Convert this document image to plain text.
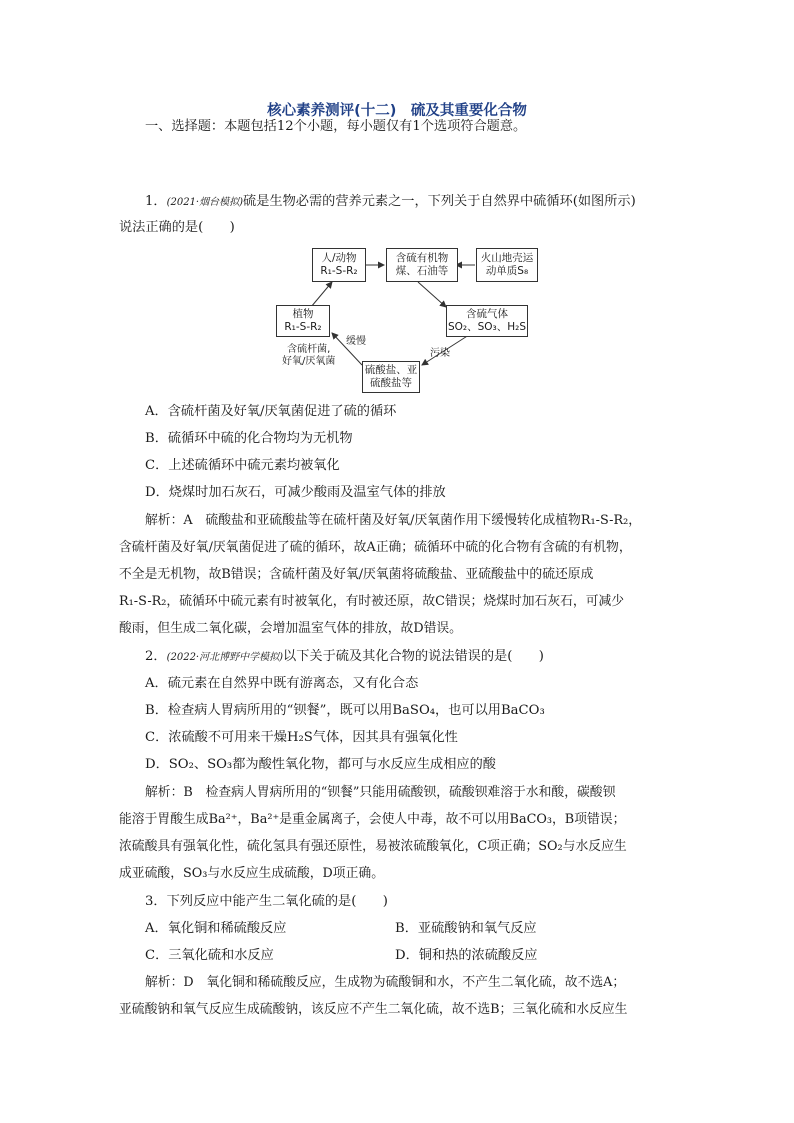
核心素养测评(十二)　硫及其重要化合物
一、选择题：本题包括12个小题，每小题仅有1个选项符合题意。
1．(2021·烟台模拟)硫是生物必需的营养元素之一，下列关于自然界中硫循环(如图所示)
说法正确的是(　　)
人/动物
R₁-S-R₂
含硫有机物
煤、石油等
火山地壳运
动单质S₈
植物
R₁-S-R₂
含硫气体
SO₂、SO₃、H₂S
硫酸盐、亚
硫酸盐等
缓慢
含硫杆菌,
好氧/厌氧菌
污染
A．含硫杆菌及好氧/厌氧菌促进了硫的循环
B．硫循环中硫的化合物均为无机物
C．上述硫循环中硫元素均被氧化
D．烧煤时加石灰石，可减少酸雨及温室气体的排放
解析：A　硫酸盐和亚硫酸盐等在硫杆菌及好氧/厌氧菌作用下缓慢转化成植物R₁-S-R₂，
含硫杆菌及好氧/厌氧菌促进了硫的循环，故A正确；硫循环中硫的化合物有含硫的有机物，
不全是无机物，故B错误；含硫杆菌及好氧/厌氧菌将硫酸盐、亚硫酸盐中的硫还原成
R₁-S-R₂，硫循环中硫元素有时被氧化，有时被还原，故C错误；烧煤时加石灰石，可减少
酸雨，但生成二氧化碳，会增加温室气体的排放，故D错误。
2．(2022·河北博野中学模拟)以下关于硫及其化合物的说法错误的是(　　)
A．硫元素在自然界中既有游离态，又有化合态
B．检查病人胃病所用的“钡餐”，既可以用BaSO₄，也可以用BaCO₃
C．浓硫酸不可用来干燥H₂S气体，因其具有强氧化性
D．SO₂、SO₃都为酸性氧化物，都可与水反应生成相应的酸
解析：B　检查病人胃病所用的“钡餐”只能用硫酸钡，硫酸钡难溶于水和酸，碳酸钡
能溶于胃酸生成Ba²⁺，Ba²⁺是重金属离子，会使人中毒，故不可以用BaCO₃，B项错误；
浓硫酸具有强氧化性，硫化氢具有强还原性，易被浓硫酸氧化，C项正确；SO₂与水反应生
成亚硫酸，SO₃与水反应生成硫酸，D项正确。
3．下列反应中能产生二氧化硫的是(　　)
A．氧化铜和稀硫酸反应	B．亚硫酸钠和氧气反应
C．三氧化硫和水反应	D．铜和热的浓硫酸反应
解析：D　氧化铜和稀硫酸反应，生成物为硫酸铜和水，不产生二氧化硫，故不选A；
亚硫酸钠和氧气反应生成硫酸钠，该反应不产生二氧化硫，故不选B；三氧化硫和水反应生
